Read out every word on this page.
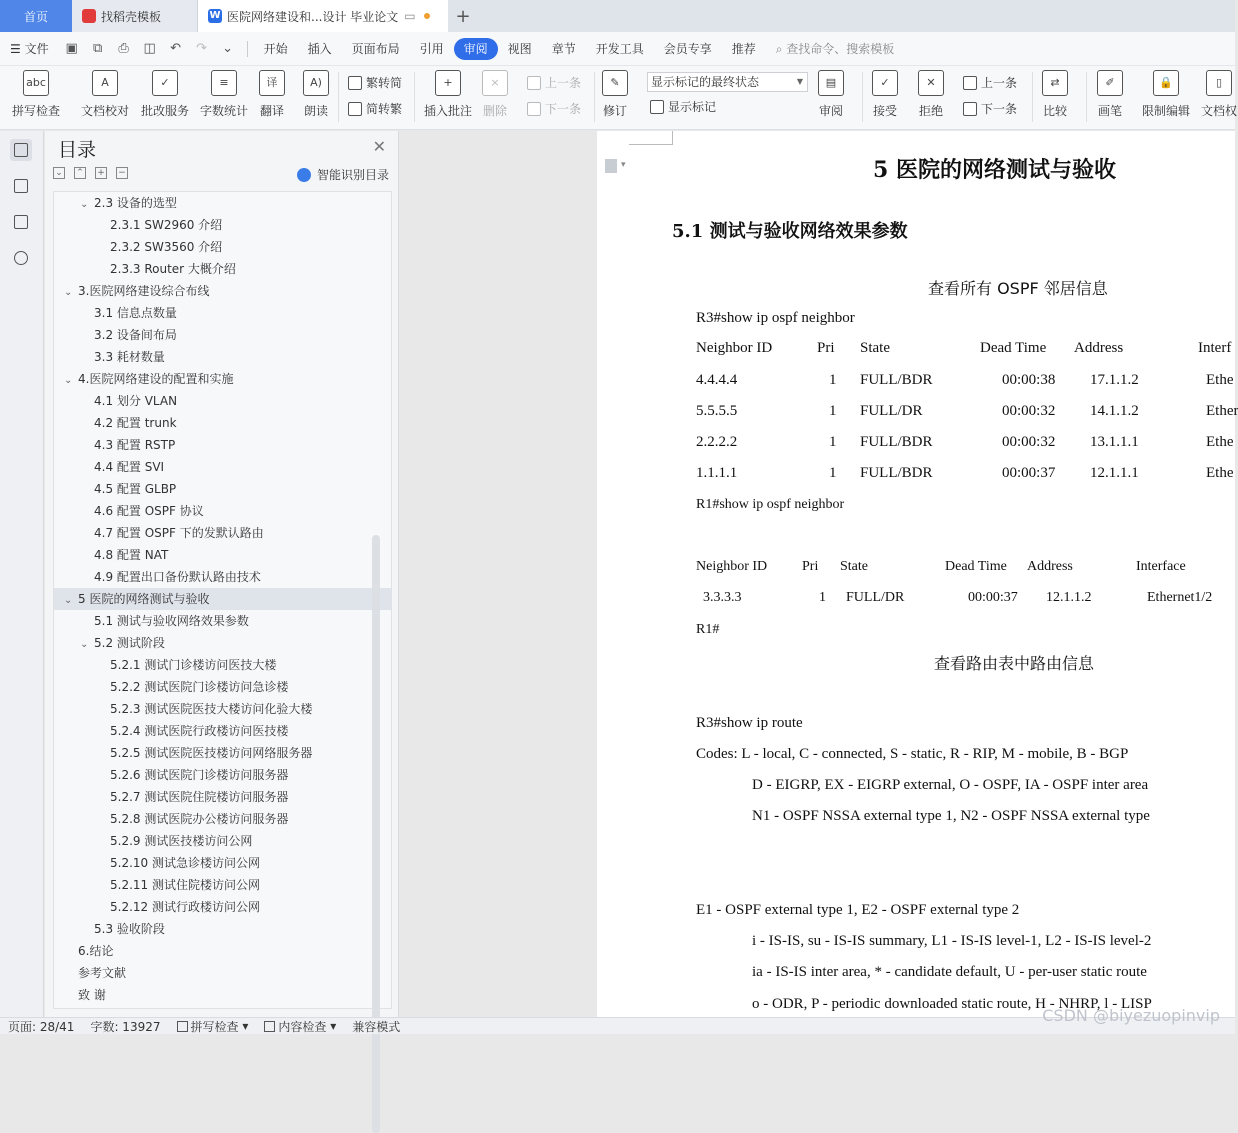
首页	找稻壳模板	W 医院网络建设和...设计 毕业论文 ▭	+
☰ 文件	▣ ⧉ ⎙ ◫ ↶ ↷ ⌄	开始	插入	页面布局	引用	审阅	视图	章节	开发工具	会员专享	推荐	⌕ 查找命令、搜索模板
abc
拼写检查
A
文档校对
✓
批改服务
≡
字数统计
译
翻译
A)
朗读
繁转简
简转繁
+
插入批注
×
删除
上一条
下一条
✎
修订	显示标记
▤
审阅
✓
接受
✕
拒绝
上一条
下一条
⇄
比较
✐
画笔
🔒
限制编辑
▯
文档权
显示标记的最终状态	▼
目录	✕
⌄ ⌃ + −	智能识别目录
⌄ 2.3 设备的选型
2.3.1 SW2960 介绍
2.3.2 SW3560 介绍
2.3.3 Router 大概介绍
⌄ 3.医院网络建设综合布线
3.1 信息点数量
3.2 设备间布局
3.3 耗材数量
⌄ 4.医院网络建设的配置和实施
4.1 划分 VLAN
4.2 配置 trunk
4.3 配置 RSTP
4.4 配置 SVI
4.5 配置 GLBP
4.6 配置 OSPF 协议
4.7 配置 OSPF 下的发默认路由
4.8 配置 NAT
4.9 配置出口备份默认路由技术
⌄ 5 医院的网络测试与验收
5.1 测试与验收网络效果参数
⌄ 5.2 测试阶段
5.2.1 测试门诊楼访问医技大楼
5.2.2 测试医院门诊楼访问急诊楼
5.2.3 测试医院医技大楼访问化验大楼
5.2.4 测试医院行政楼访问医技楼
5.2.5 测试医院医技楼访问网络服务器
5.2.6 测试医院门诊楼访问服务器
5.2.7 测试医院住院楼访问服务器
5.2.8 测试医院办公楼访问服务器
5.2.9 测试医技楼访问公网
5.2.10 测试急诊楼访问公网
5.2.11 测试住院楼访问公网
5.2.12 测试行政楼访问公网
5.3 验收阶段
6.结论
参考文献
致 谢
▾	5 医院的网络测试与验收
5.1 测试与验收网络效果参数
查看所有 OSPF 邻居信息
R3#show ip ospf neighbor
R1#show ip ospf neighbor
R1#
查看路由表中路由信息
R3#show ip route
Codes: L - local, C - connected, S - static, R - RIP, M - mobile, B - BGP
D - EIGRP, EX - EIGRP external, O - OSPF, IA - OSPF inter area
N1 - OSPF NSSA external type 1, N2 - OSPF NSSA external type
E1 - OSPF external type 1, E2 - OSPF external type 2
i - IS-IS, su - IS-IS summary, L1 - IS-IS level-1, L2 - IS-IS level-2
ia - IS-IS inter area, * - candidate default, U - per-user static route
o - ODR, P - periodic downloaded static route, H - NHRP, l - LISP
Neighbor ID	Pri State	Dead Time Address	Interf
4.4.4.4	1 FULL/BDR	00:00:38 17.1.1.2	Ethe
5.5.5.5	1 FULL/DR	00:00:32 14.1.1.2	Ether
2.2.2.2	1 FULL/BDR	00:00:32 13.1.1.1	Ethe
1.1.1.1	1 FULL/BDR	00:00:37 12.1.1.1	Ethe
Neighbor ID Pri State	Dead Time Address	Interface
3.3.3.3	1 FULL/DR	00:00:37 12.1.1.2	Ethernet1/2
页面: 28/41	字数: 13927	拼写检查 ▾	内容检查 ▾	兼容模式
CSDN @biyezuopinvip
